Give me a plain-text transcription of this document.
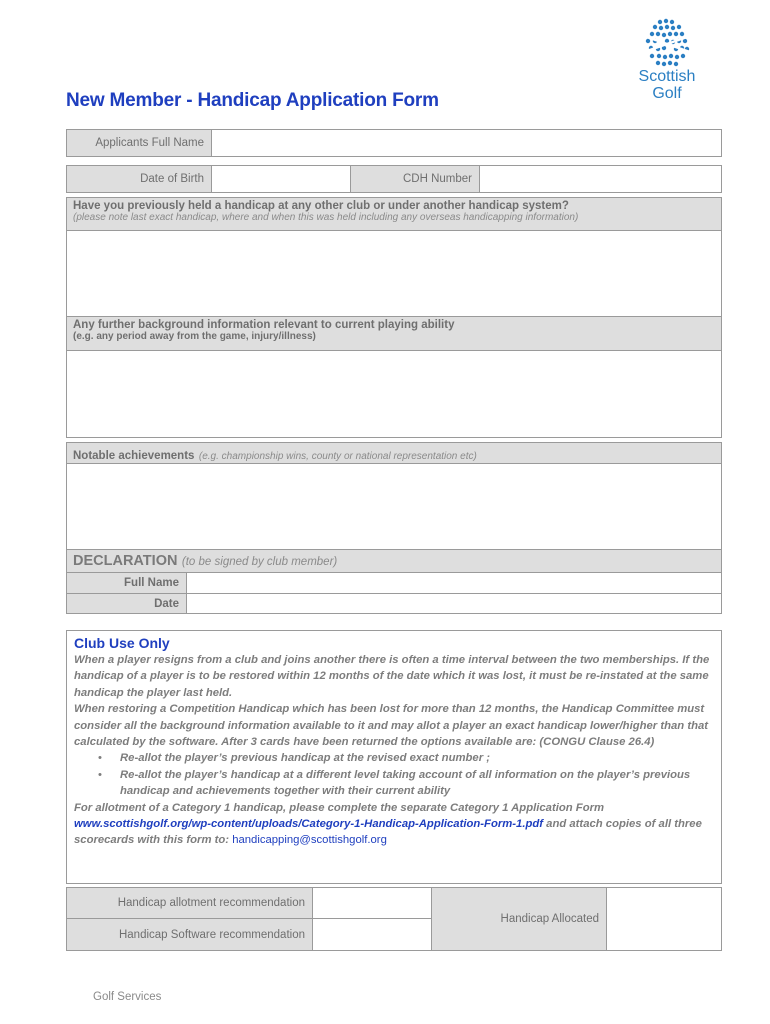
New Member - Handicap Application Form
Scottish
Golf
Applicants Full Name
Date of Birth	CDH Number
Have you previously held a handicap at any other club or under another handicap system?
(please note last exact handicap, where and when this was held including any overseas handicapping information)
Any further background information relevant to current playing ability
(e.g. any period away from the game, injury/illness)
Notable achievements (e.g. championship wins, county or national representation etc)
DECLARATION (to be signed by club member)
Full Name
Date
Club Use Only
When a player resigns from a club and joins another there is often a time interval between the two memberships. If the handicap of a player is to be restored within 12 months of the date which it was lost, it must be re-instated at the same handicap the player last held.
When restoring a Competition Handicap which has been lost for more than 12 months, the Handicap Committee must consider all the background information available to it and may allot a player an exact handicap lower/higher than that calculated by the software. After 3 cards have been returned the options available are: (CONGU Clause 26.4)
• Re-allot the player’s previous handicap at the revised exact number ;
• Re-allot the player’s handicap at a different level taking account of all information on the player’s previous handicap and achievements together with their current ability
For allotment of a Category 1 handicap, please complete the separate Category 1 Application Form
www.scottishgolf.org/wp-content/uploads/Category-1-Handicap-Application-Form-1.pdf and attach copies of all three scorecards with this form to: handicapping@scottishgolf.org
Handicap allotment recommendation
Handicap Software recommendation
Handicap Allocated
Golf Services
